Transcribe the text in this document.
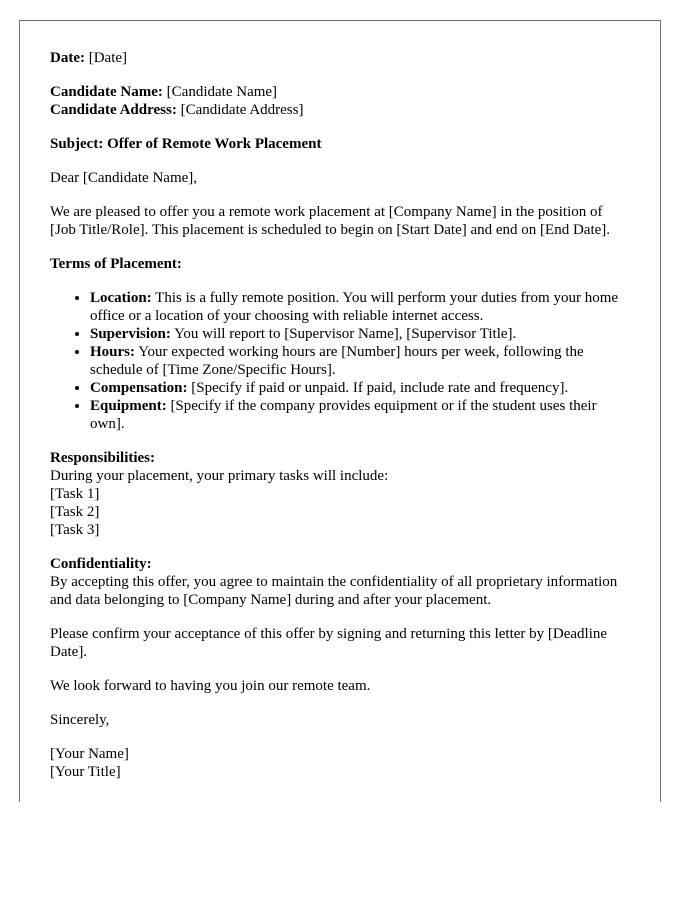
Date: [Date]

Candidate Name: [Candidate Name]
Candidate Address: [Candidate Address]

Subject: Offer of Remote Work Placement

Dear [Candidate Name],

We are pleased to offer you a remote work placement at [Company Name] in the position of [Job Title/Role]. This placement is scheduled to begin on [Start Date] and end on [End Date].

Terms of Placement:

• Location: This is a fully remote position. You will perform your duties from your home office or a location of your choosing with reliable internet access.
• Supervision: You will report to [Supervisor Name], [Supervisor Title].
• Hours: Your expected working hours are [Number] hours per week, following the schedule of [Time Zone/Specific Hours].
• Compensation: [Specify if paid or unpaid. If paid, include rate and frequency].
• Equipment: [Specify if the company provides equipment or if the student uses their own].

Responsibilities:
During your placement, your primary tasks will include:
[Task 1]
[Task 2]
[Task 3]

Confidentiality:
By accepting this offer, you agree to maintain the confidentiality of all proprietary information and data belonging to [Company Name] during and after your placement.

Please confirm your acceptance of this offer by signing and returning this letter by [Deadline Date].

We look forward to having you join our remote team.

Sincerely,

[Your Name]
[Your Title]
